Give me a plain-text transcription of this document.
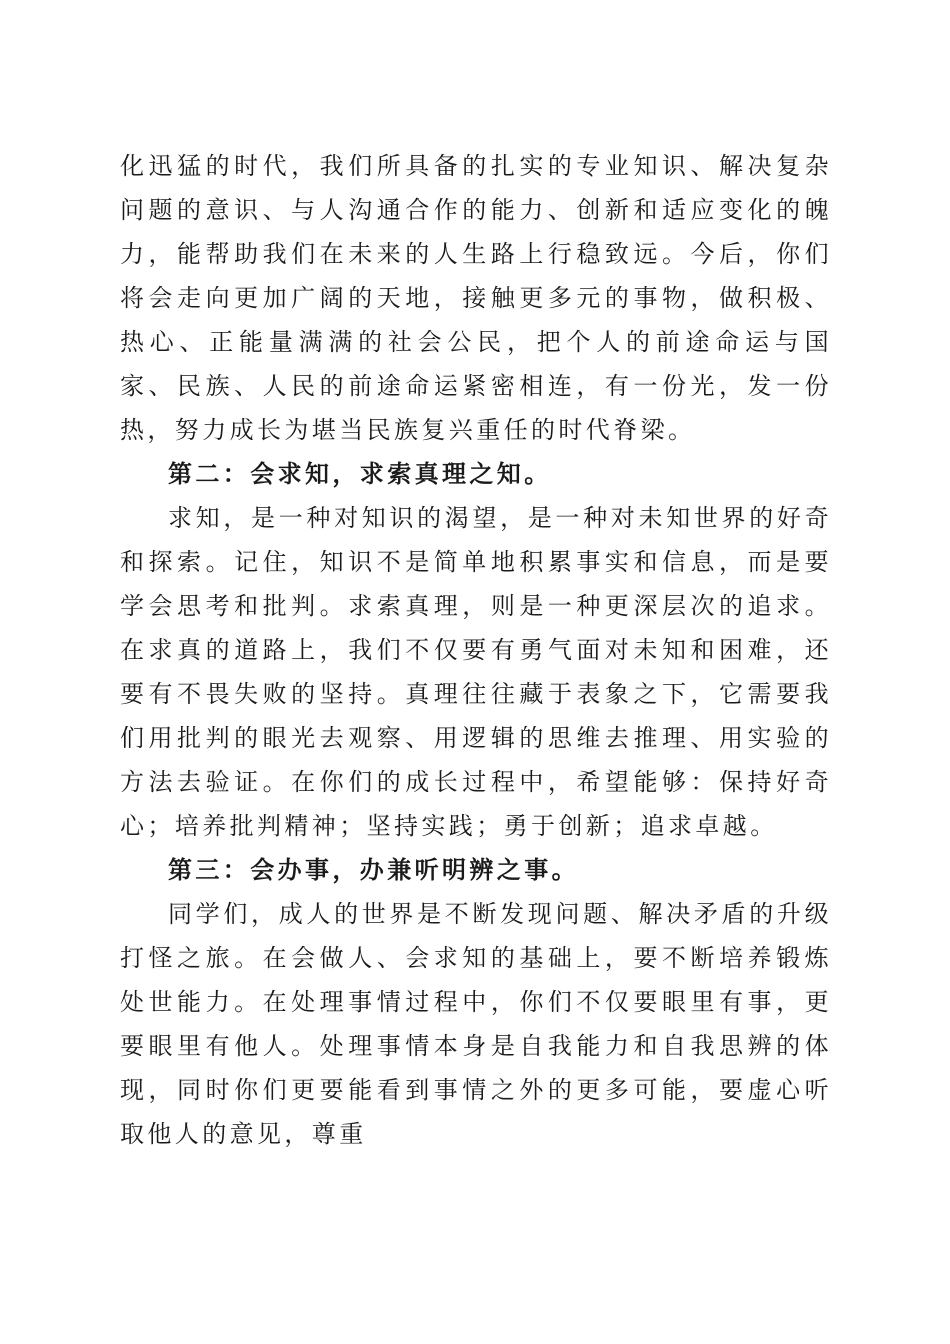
化迅猛的时代，我们所具备的扎实的专业知识、解决复杂问题的意识、与人沟通合作的能力、创新和适应变化的魄力，能帮助我们在未来的人生路上行稳致远。今后，你们将会走向更加广阔的天地，接触更多元的事物，做积极、热心、正能量满满的社会公民，把个人的前途命运与国家、民族、人民的前途命运紧密相连，有一份光，发一份热，努力成长为堪当民族复兴重任的时代脊梁。

第二：会求知，求索真理之知。

求知，是一种对知识的渴望，是一种对未知世界的好奇和探索。记住，知识不是简单地积累事实和信息，而是要学会思考和批判。求索真理，则是一种更深层次的追求。在求真的道路上，我们不仅要有勇气面对未知和困难，还要有不畏失败的坚持。真理往往藏于表象之下，它需要我们用批判的眼光去观察、用逻辑的思维去推理、用实验的方法去验证。在你们的成长过程中，希望能够：保持好奇心；培养批判精神；坚持实践；勇于创新；追求卓越。

第三：会办事，办兼听明辨之事。

同学们，成人的世界是不断发现问题、解决矛盾的升级打怪之旅。在会做人、会求知的基础上，要不断培养锻炼处世能力。在处理事情过程中，你们不仅要眼里有事，更要眼里有他人。处理事情本身是自我能力和自我思辨的体现，同时你们更要能看到事情之外的更多可能，要虚心听取他人的意见，尊重
